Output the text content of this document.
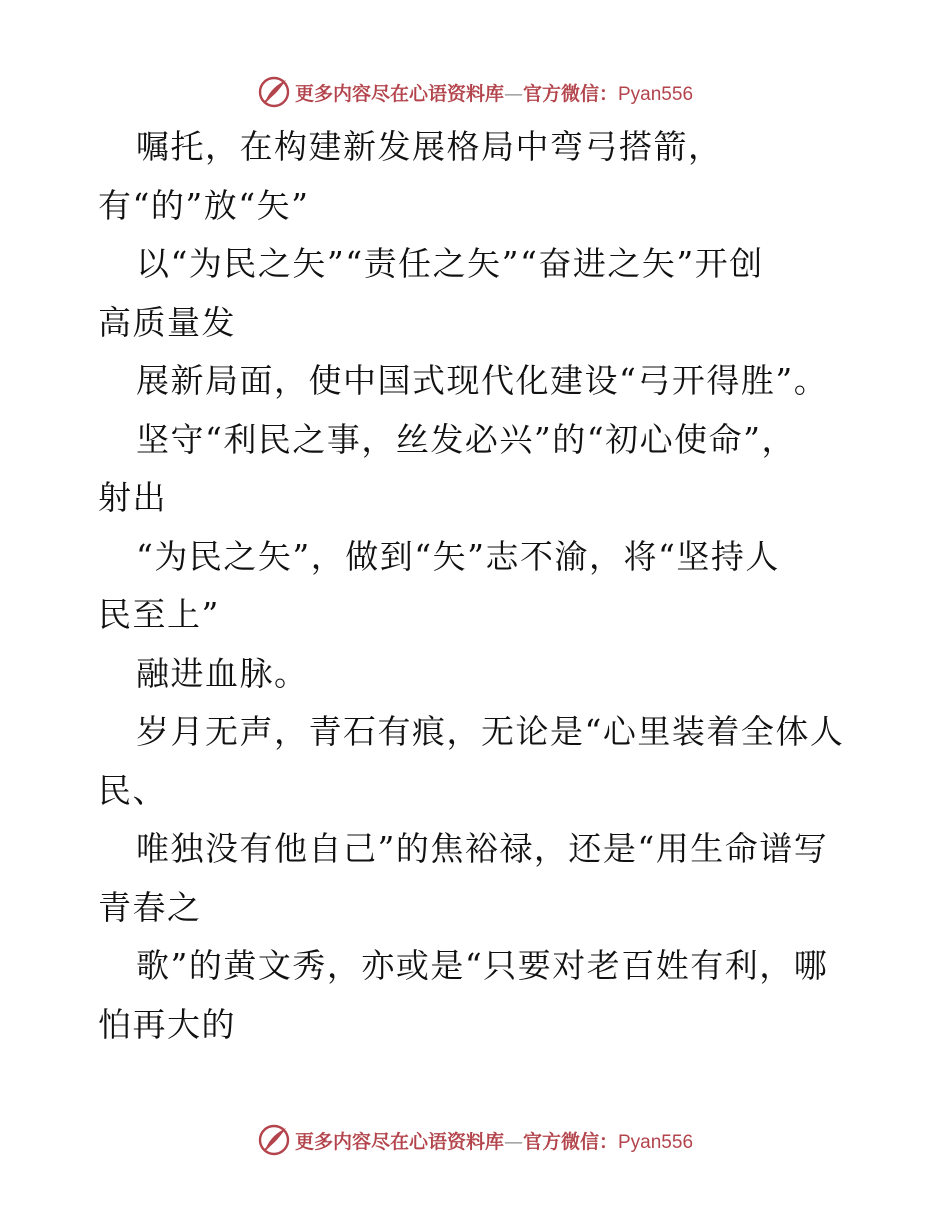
更多内容尽在心语资料库—官方微信：Pyan556
嘱托，在构建新发展格局中弯弓搭箭，
有“的”放“矢”
以“为民之矢”“责任之矢”“奋进之矢”开创
高质量发
展新局面，使中国式现代化建设“弓开得胜”。
坚守“利民之事，丝发必兴”的“初心使命”，
射出
“为民之矢”，做到“矢”志不渝，将“坚持人
民至上”
融进血脉。
岁月无声，青石有痕，无论是“心里装着全体人
民、
唯独没有他自己”的焦裕禄，还是“用生命谱写
青春之
歌”的黄文秀，亦或是“只要对老百姓有利，哪
怕再大的
更多内容尽在心语资料库—官方微信：Pyan556
